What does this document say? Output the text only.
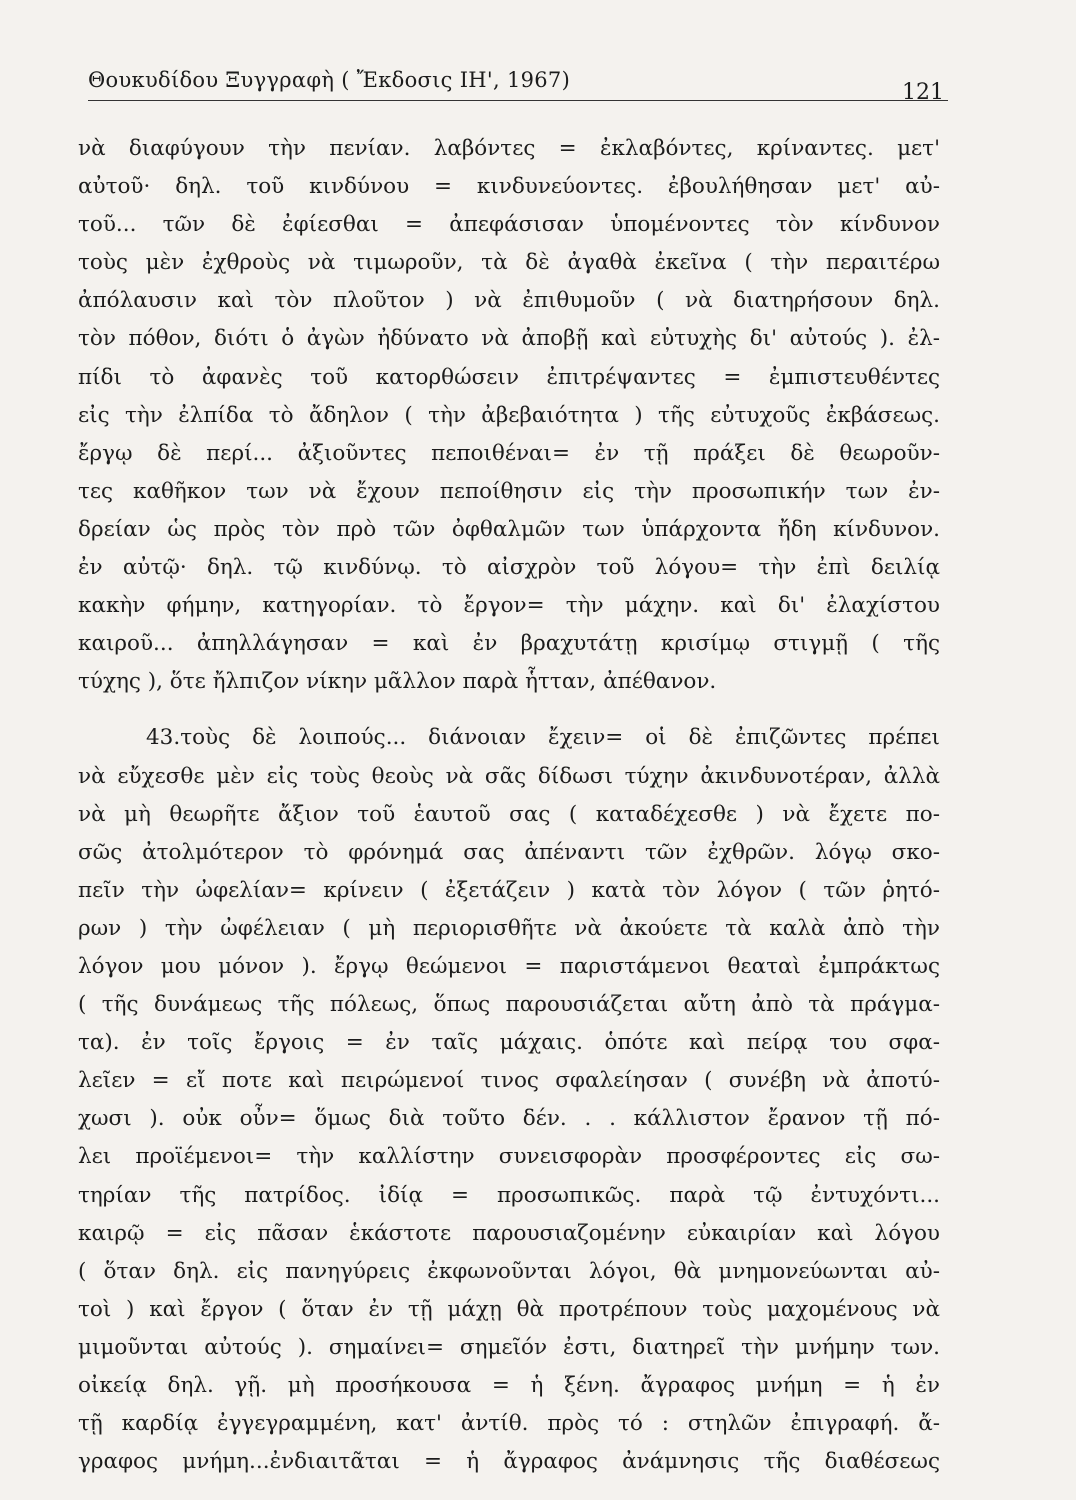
Θουκυδίδου Ξυγγραφὴ ( Ἔκδοσις ΙΗ', 1967)	121
νὰ διαφύγουν τὴν πενίαν. λαβόντες = ἐκλαβόντες, κρίναντες. μετ'
αὐτοῦ· δηλ. τοῦ κινδύνου = κινδυνεύοντες. ἐβουλήθησαν μετ' αὐ-
τοῦ... τῶν δὲ ἐφίεσθαι = ἀπεφάσισαν ὑπομένοντες τὸν κίνδυνον
τοὺς μὲν ἐχθροὺς νὰ τιμωροῦν, τὰ δὲ ἀγαθὰ ἐκεῖνα ( τὴν περαιτέρω
ἀπόλαυσιν καὶ τὸν πλοῦτον ) νὰ ἐπιθυμοῦν ( νὰ διατηρήσουν δηλ.
τὸν πόθον, διότι ὁ ἀγὼν ἠδύνατο νὰ ἀποβῇ καὶ εὐτυχὴς δι' αὐτούς ). ἐλ-
πίδι τὸ ἀφανὲς τοῦ κατορθώσειν ἐπιτρέψαντες = ἐμπιστευθέντες
εἰς τὴν ἐλπίδα τὸ ἄδηλον ( τὴν ἀβεβαιότητα ) τῆς εὐτυχοῦς ἐκβάσεως.
ἔργῳ δὲ περί... ἀξιοῦντες πεποιθέναι= ἐν τῇ πράξει δὲ θεωροῦν-
τες καθῆκον των νὰ ἔχουν πεποίθησιν εἰς τὴν προσωπικήν των ἐν-
δρείαν ὡς πρὸς τὸν πρὸ τῶν ὀφθαλμῶν των ὑπάρχοντα ἤδη κίνδυνον.
ἐν αὐτῷ· δηλ. τῷ κινδύνῳ. τὸ αἰσχρὸν τοῦ λόγου= τὴν ἐπὶ δειλίᾳ
κακὴν φήμην, κατηγορίαν. τὸ ἔργον= τὴν μάχην. καὶ δι' ἐλαχίστου
καιροῦ... ἀπηλλάγησαν = καὶ ἐν βραχυτάτῃ κρισίμῳ στιγμῇ ( τῆς
τύχης ), ὅτε ἤλπιζον νίκην μᾶλλον παρὰ ἧτταν, ἀπέθανον.
43.τοὺς δὲ λοιπούς... διάνοιαν ἔχειν= οἱ δὲ ἐπιζῶντες πρέπει
νὰ εὔχεσθε μὲν εἰς τοὺς θεοὺς νὰ σᾶς δίδωσι τύχην ἀκινδυνοτέραν, ἀλλὰ
νὰ μὴ θεωρῆτε ἄξιον τοῦ ἑαυτοῦ σας ( καταδέχεσθε ) νὰ ἔχετε πο-
σῶς ἀτολμότερον τὸ φρόνημά σας ἀπέναντι τῶν ἐχθρῶν. λόγῳ σκο-
πεῖν τὴν ὠφελίαν= κρίνειν ( ἐξετάζειν ) κατὰ τὸν λόγον ( τῶν ῥητό-
ρων ) τὴν ὠφέλειαν ( μὴ περιορισθῆτε νὰ ἀκούετε τὰ καλὰ ἀπὸ τὴν
λόγον μου μόνον ). ἔργῳ θεώμενοι = παριστάμενοι θεαταὶ ἐμπράκτως
( τῆς δυνάμεως τῆς πόλεως, ὅπως παρουσιάζεται αὔτη ἀπὸ τὰ πράγμα-
τα). ἐν τοῖς ἔργοις = ἐν ταῖς μάχαις. ὁπότε καὶ πείρᾳ του σφα-
λεῖεν = εἴ ποτε καὶ πειρώμενοί τινος σφαλείησαν ( συνέβη νὰ ἀποτύ-
χωσι ). οὐκ οὖν= ὅμως διὰ τοῦτο δέν. . . κάλλιστον ἔρανον τῇ πό-
λει προϊέμενοι= τὴν καλλίστην συνεισφορὰν προσφέροντες εἰς σω-
τηρίαν τῆς πατρίδος. ἰδίᾳ = προσωπικῶς. παρὰ τῷ ἐντυχόντι...
καιρῷ = εἰς πᾶσαν ἑκάστοτε παρουσιαζομένην εὐκαιρίαν καὶ λόγου
( ὅταν δηλ. εἰς πανηγύρεις ἐκφωνοῦνται λόγοι, θὰ μνημονεύωνται αὐ-
τοὶ ) καὶ ἔργον ( ὅταν ἐν τῇ μάχῃ θὰ προτρέπουν τοὺς μαχομένους νὰ
μιμοῦνται αὐτούς ). σημαίνει= σημεῖόν ἐστι, διατηρεῖ τὴν μνήμην των.
οἰκείᾳ δηλ. γῇ. μὴ προσήκουσα = ἡ ξένη. ἄγραφος μνήμη = ἡ ἐν
τῇ καρδίᾳ ἐγγεγραμμένη, κατ' ἀντίθ. πρὸς τό : στηλῶν ἐπιγραφή. ἄ-
γραφος μνήμη...ἐνδιαιτᾶται = ἡ ἄγραφος ἀνάμνησις τῆς διαθέσεως
